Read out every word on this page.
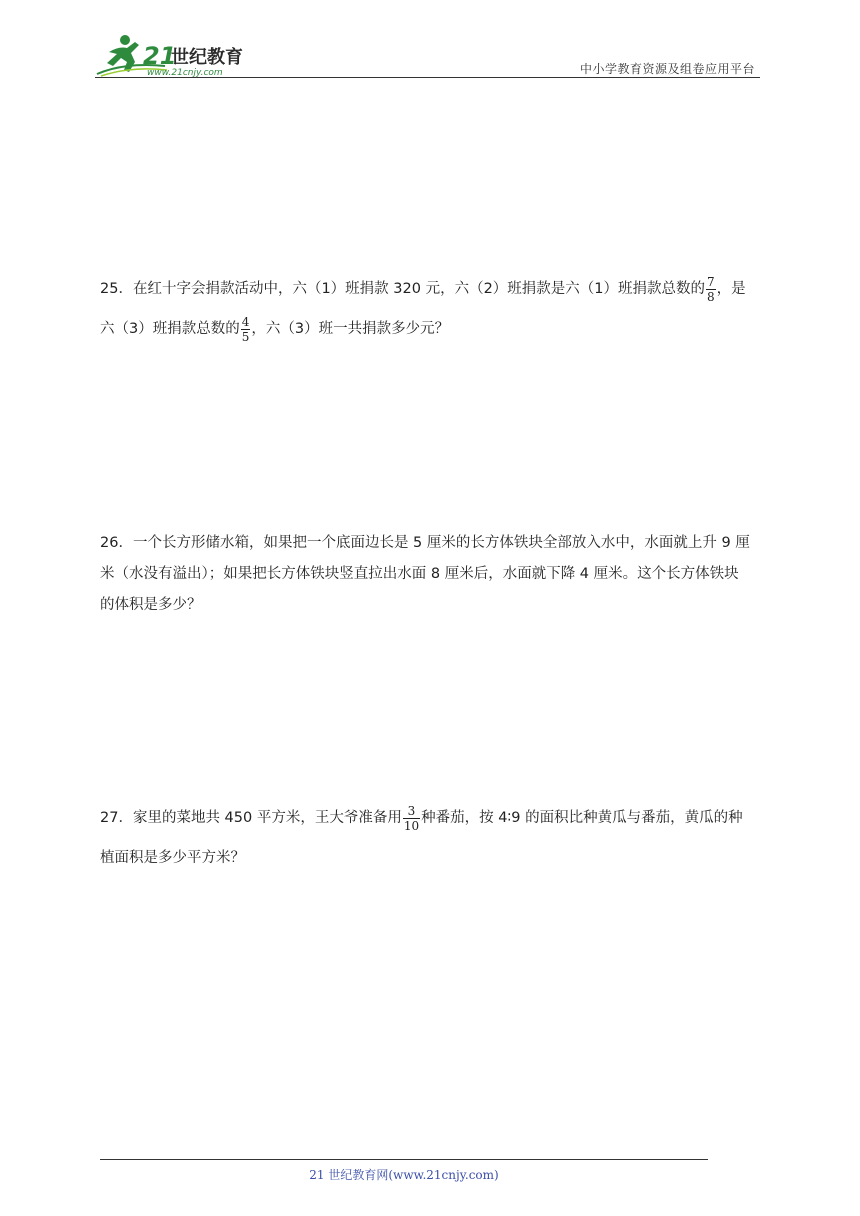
21
世纪教育
www.21cnjy.com	中小学教育资源及组卷应用平台
25．在红十字会捐款活动中，六（1）班捐款 320 元，六（2）班捐款是六（1）班捐款总数的 $\frac{7}{8}$ ，是
六（3）班捐款总数的 $\frac{4}{5}$ ，六（3）班一共捐款多少元？
26．一个长方形储水箱，如果把一个底面边长是 5 厘米的长方体铁块全部放入水中，水面就上升 9 厘
米（水没有溢出）；如果把长方体铁块竖直拉出水面 8 厘米后，水面就下降 4 厘米。这个长方体铁块
的体积是多少？
27．家里的菜地共 450 平方米，王大爷准备用 $\frac{3}{10}$ 种番茄，按 4∶9 的面积比种黄瓜与番茄，黄瓜的种
植面积是多少平方米？
21 世纪教育网(www.21cnjy.com)
